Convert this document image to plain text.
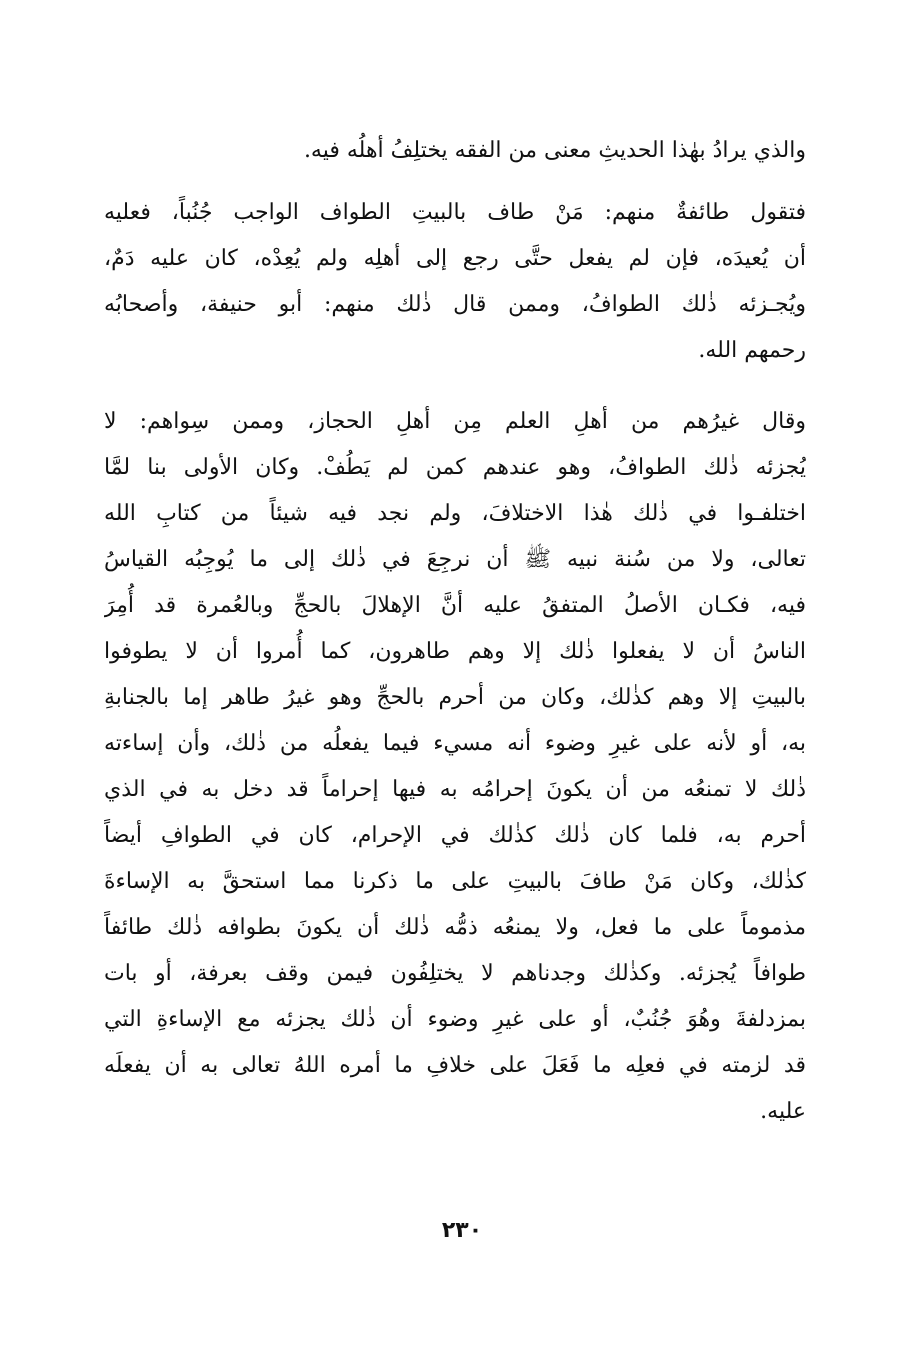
والذي يرادُ بهٰذا الحديثِ معنى من الفقه يختلِفُ أهلُه فيه.
فتقول طائفةٌ منهم: مَنْ طاف بالبيتِ الطواف الواجب جُنُباً، فعليه
أن يُعيدَه، فإن لم يفعل حتَّى رجع إلى أهلِه ولم يُعِدْه، كان عليه دَمٌ،
ويُجـزئه ذٰلك الطوافُ، وممن قال ذٰلك منهم: أبو حنيفة، وأصحابُه
رحمهم الله.
وقال غيرُهم من أهلِ العلم مِن أهلِ الحجاز، وممن سِواهم: لا
يُجزئه ذٰلك الطوافُ، وهو عندهم كمن لم يَطُفْ. وكان الأولى بنا لمَّا
اختلفـوا في ذٰلك هٰذا الاختلافَ، ولم نجد فيه شيئاً من كتابِ الله
تعالى، ولا من سُنة نبيه ﷺ أن نرجِعَ في ذٰلك إلى ما يُوجِبُه القياسُ
فيه، فكـان الأصلُ المتفقُ عليه أنَّ الإهلالَ بالحجِّ وبالعُمرة قد أُمِرَ
الناسُ أن لا يفعلوا ذٰلك إلا وهم طاهرون، كما أُمروا أن لا يطوفوا
بالبيتِ إلا وهم كذٰلك، وكان من أحرم بالحجِّ وهو غيرُ طاهر إما بالجنابةِ
به، أو لأنه على غيرِ وضوء أنه مسيء فيما يفعلُه من ذٰلك، وأن إساءته
ذٰلك لا تمنعُه من أن يكونَ إحرامُه به فيها إحراماً قد دخل به في الذي
أحرم به، فلما كان ذٰلك كذٰلك في الإحرام، كان في الطوافِ أيضاً
كذٰلك، وكان مَنْ طافَ بالبيتِ على ما ذكرنا مما استحقَّ به الإساءةَ
مذموماً على ما فعل، ولا يمنعُه ذمُّه ذٰلك أن يكونَ بطوافه ذٰلك طائفاً
طوافاً يُجزئه. وكذٰلك وجدناهم لا يختلِفُون فيمن وقف بعرفة، أو بات
بمزدلفةَ وهُوَ جُنُبٌ، أو على غيرِ وضوء أن ذٰلك يجزئه مع الإساءةِ التي
قد لزمته في فعلِه ما فَعَلَ على خلافِ ما أمره اللهُ تعالى به أن يفعلَه
عليه.
٢٣٠
